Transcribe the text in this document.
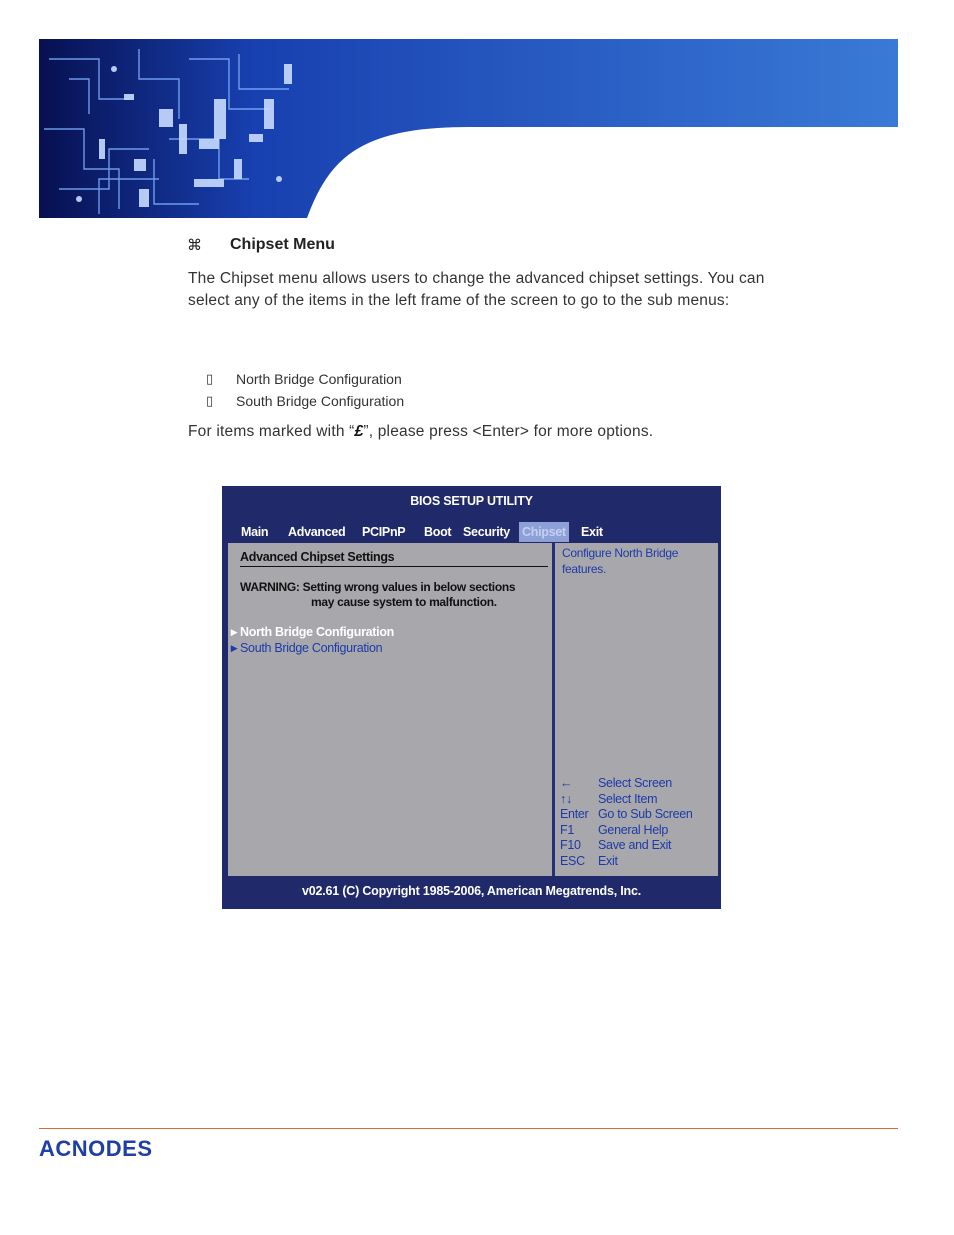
⌘	Chipset Menu
The Chipset menu allows users to change the advanced chipset settings. You can select any of the items in the left frame of the screen to go to the sub menus:
▯	North Bridge Configuration
▯	South Bridge Configuration
For items marked with “£”, please press <Enter> for more options.
BIOS SETUP UTILITY
Main Advanced PCIPnP Boot Security Chipset Exit
Advanced Chipset Settings
WARNING: Setting wrong values in below sections
may cause system to malfunction.
▶ North Bridge Configuration
▶ South Bridge Configuration
Configure North Bridge features.
←	Select Screen
↑↓	Select Item
Enter Go to Sub Screen
F1	General Help
F10	Save and Exit
ESC	Exit
v02.61 (C) Copyright 1985-2006, American Megatrends, Inc.
ACNODES
